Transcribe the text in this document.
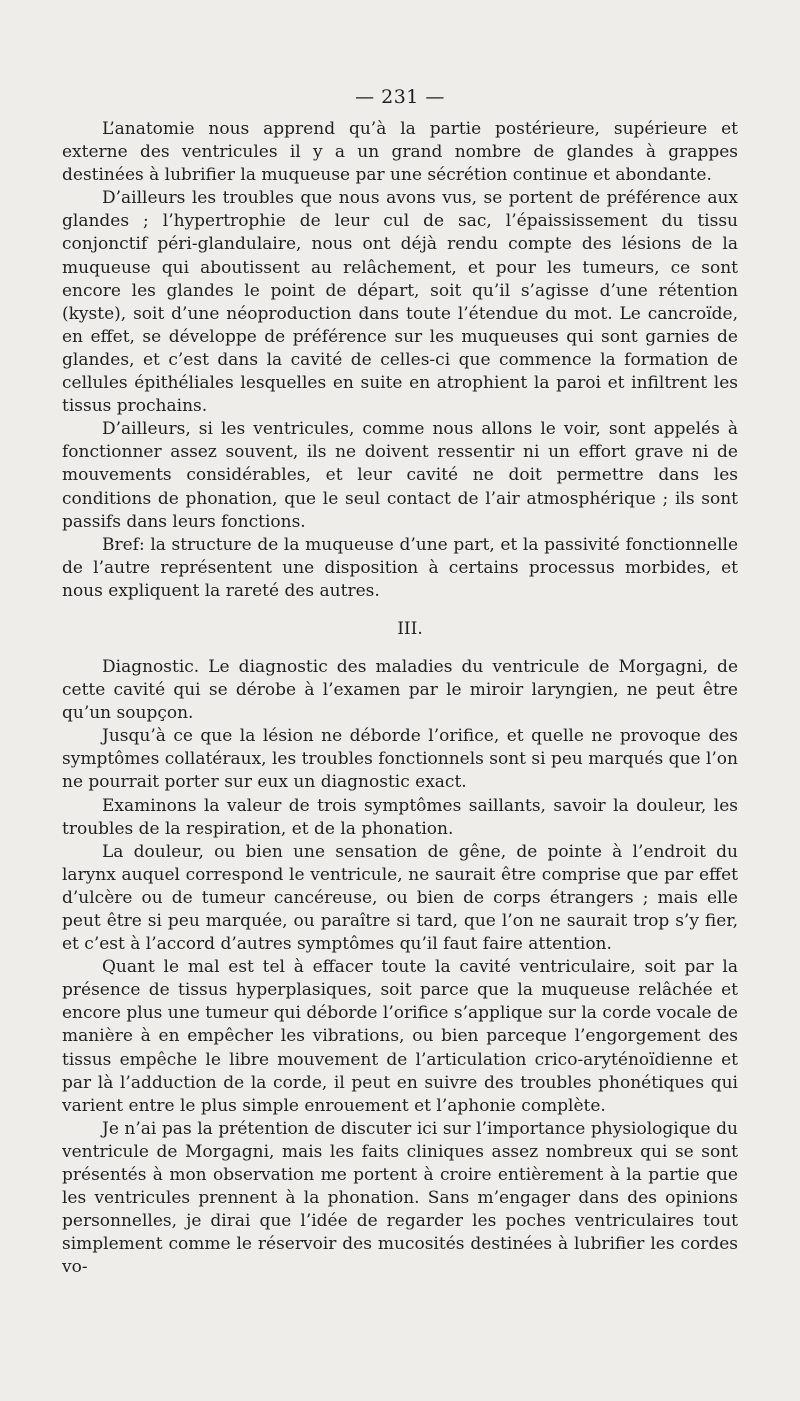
— 231 —

L’anatomie nous apprend qu’à la partie postérieure, supérieure et externe des ventricules il y a un grand nombre de glandes à grappes destinées à lubrifier la muqueuse par une sécrétion continue et abondante.

D’ailleurs les troubles que nous avons vus, se portent de préférence aux glandes ; l’hypertrophie de leur cul de sac, l’épaississement du tissu conjonctif péri-glandulaire, nous ont déjà rendu compte des lésions de la muqueuse qui aboutissent au relâchement, et pour les tumeurs, ce sont encore les glandes le point de départ, soit qu’il s’agisse d’une rétention (kyste), soit d’une néoproduction dans toute l’étendue du mot. Le cancroïde, en effet, se développe de préférence sur les muqueuses qui sont garnies de glandes, et c’est dans la cavité de celles-ci que commence la formation de cellules épithéliales lesquelles en suite en atrophient la paroi et infiltrent les tissus prochains.

D’ailleurs, si les ventricules, comme nous allons le voir, sont appelés à fonctionner assez souvent, ils ne doivent ressentir ni un effort grave ni de mouvements considérables, et leur cavité ne doit permettre dans les conditions de phonation, que le seul contact de l’air atmosphérique ; ils sont passifs dans leurs fonctions.

Bref: la structure de la muqueuse d’une part, et la passivité fonctionnelle de l’autre représentent une disposition à certains processus morbides, et nous expliquent la rareté des autres.

III.

Diagnostic. Le diagnostic des maladies du ventricule de Morgagni, de cette cavité qui se dérobe à l’examen par le miroir laryngien, ne peut être qu’un soupçon.

Jusqu’à ce que la lésion ne déborde l’orifice, et quelle ne provoque des symptômes collatéraux, les troubles fonctionnels sont si peu marqués que l’on ne pourrait porter sur eux un diagnostic exact.

Examinons la valeur de trois symptômes saillants, savoir la douleur, les troubles de la respiration, et de la phonation.

La douleur, ou bien une sensation de gêne, de pointe à l’endroit du larynx auquel correspond le ventricule, ne saurait être comprise que par effet d’ulcère ou de tumeur cancéreuse, ou bien de corps étrangers ; mais elle peut être si peu marquée, ou paraître si tard, que l’on ne saurait trop s’y fier, et c’est à l’accord d’autres symptômes qu’il faut faire attention.

Quant le mal est tel à effacer toute la cavité ventriculaire, soit par la présence de tissus hyperplasiques, soit parce que la muqueuse relâchée et encore plus une tumeur qui déborde l’orifice s’applique sur la corde vocale de manière à en empêcher les vibrations, ou bien parceque l’engorgement des tissus empêche le libre mouvement de l’articulation crico-aryténoïdienne et par là l’adduction de la corde, il peut en suivre des troubles phonétiques qui varient entre le plus simple enrouement et l’aphonie complète.

Je n’ai pas la prétention de discuter ici sur l’importance physiologique du ventricule de Morgagni, mais les faits cliniques assez nombreux qui se sont présentés à mon observation me portent à croire entièrement à la partie que les ventricules prennent à la phonation. Sans m’engager dans des opinions personnelles, je dirai que l’idée de regarder les poches ventriculaires tout simplement comme le réservoir des mucosités destinées à lubrifier les cordes vo-
